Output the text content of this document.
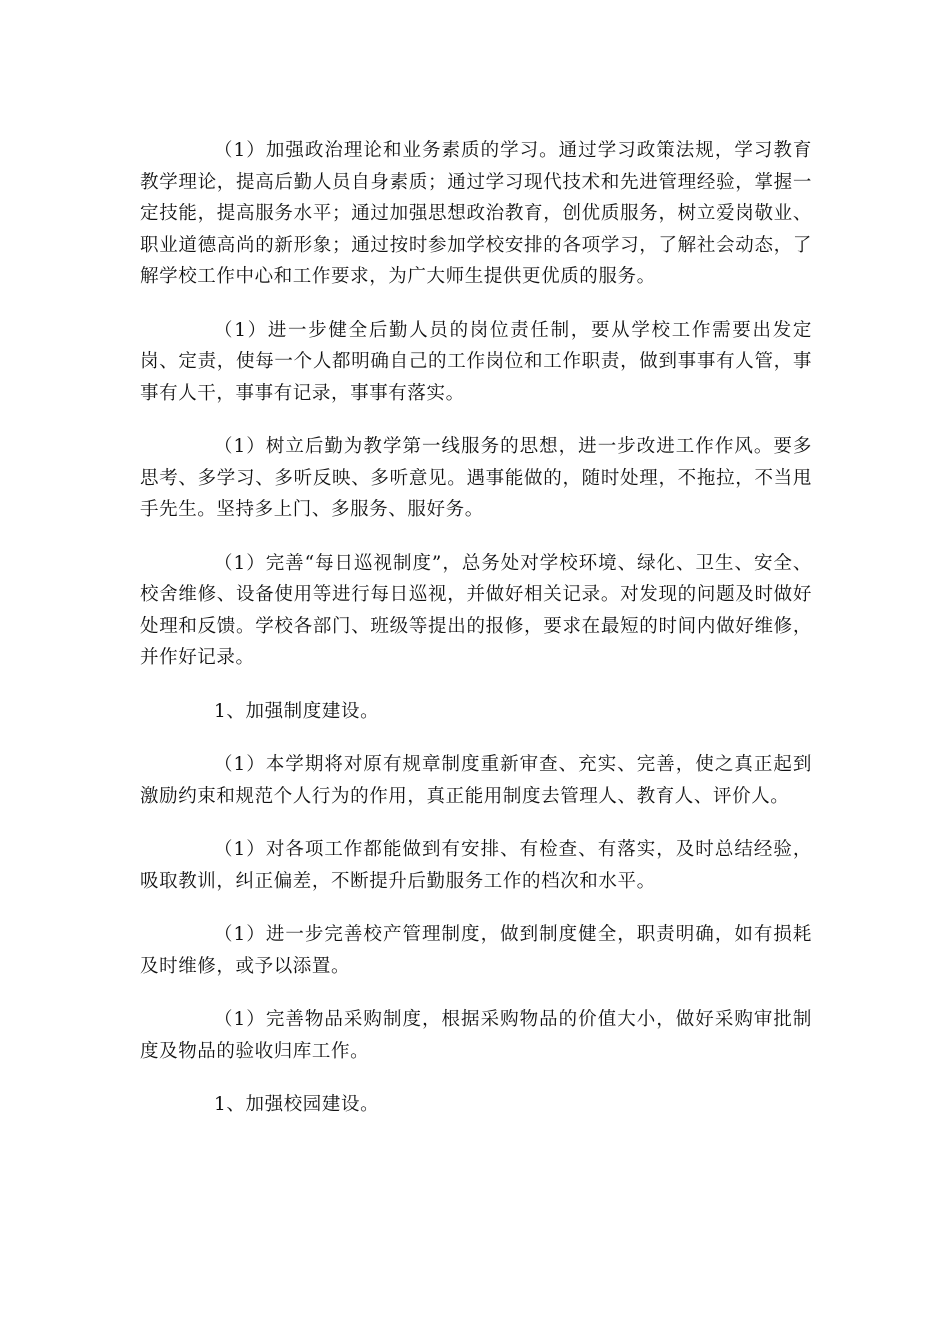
（1）加强政治理论和业务素质的学习。通过学习政策法规，学习教育教学理论，提高后勤人员自身素质；通过学习现代技术和先进管理经验，掌握一定技能，提高服务水平；通过加强思想政治教育，创优质服务，树立爱岗敬业、职业道德高尚的新形象；通过按时参加学校安排的各项学习，了解社会动态，了解学校工作中心和工作要求，为广大师生提供更优质的服务。

（1）进一步健全后勤人员的岗位责任制，要从学校工作需要出发定岗、定责，使每一个人都明确自己的工作岗位和工作职责，做到事事有人管，事事有人干，事事有记录，事事有落实。

（1）树立后勤为教学第一线服务的思想，进一步改进工作作风。要多思考、多学习、多听反映、多听意见。遇事能做的，随时处理，不拖拉，不当甩手先生。坚持多上门、多服务、服好务。

（1）完善“每日巡视制度”，总务处对学校环境、绿化、卫生、安全、校舍维修、设备使用等进行每日巡视，并做好相关记录。对发现的问题及时做好处理和反馈。学校各部门、班级等提出的报修，要求在最短的时间内做好维修，并作好记录。

1、加强制度建设。

（1）本学期将对原有规章制度重新审查、充实、完善，使之真正起到激励约束和规范个人行为的作用，真正能用制度去管理人、教育人、评价人。

（1）对各项工作都能做到有安排、有检查、有落实，及时总结经验，吸取教训，纠正偏差，不断提升后勤服务工作的档次和水平。

（1）进一步完善校产管理制度，做到制度健全，职责明确，如有损耗及时维修，或予以添置。

（1）完善物品采购制度，根据采购物品的价值大小，做好采购审批制度及物品的验收归库工作。

1、加强校园建设。
